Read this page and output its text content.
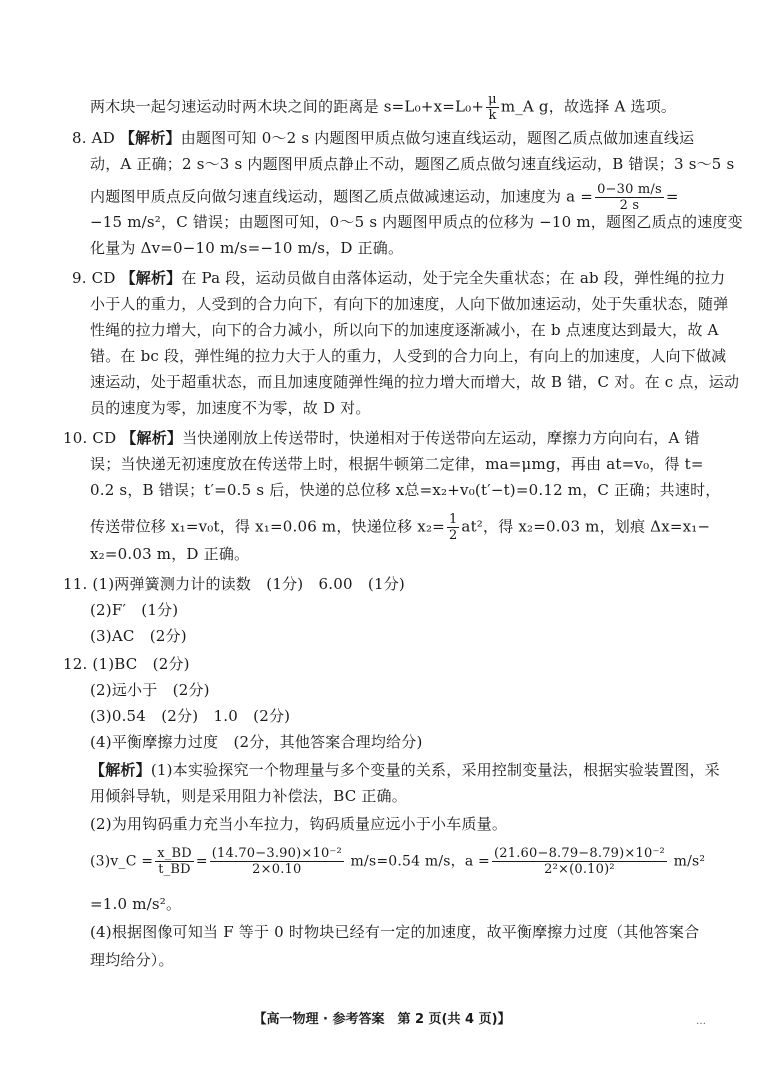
两木块一起匀速运动时两木块之间的距离是 $s=L_0+x=L_0+ \frac{\mu}{k}$ m_A g，故选择 A 选项。
8. AD 【解析】由题图可知 0～2 s 内题图甲质点做匀速直线运动，题图乙质点做加速直线运
动，A 正确；2 s～3 s 内题图甲质点静止不动，题图乙质点做匀速直线运动，B 错误；3 s～5 s
内题图甲质点反向做匀速直线运动，题图乙质点做减速运动，加速度为 $a = \frac{0-30 m/s}{2 s}$ =
−15 m/s²，C 错误；由题图可知，0～5 s 内题图甲质点的位移为 −10 m，题图乙质点的速度变
化量为 Δv=0−10 m/s=−10 m/s，D 正确。
9. CD 【解析】在 Pa 段，运动员做自由落体运动，处于完全失重状态；在 ab 段，弹性绳的拉力
小于人的重力，人受到的合力向下，有向下的加速度，人向下做加速运动，处于失重状态，随弹
性绳的拉力增大，向下的合力减小，所以向下的加速度逐渐减小，在 b 点速度达到最大，故 A
错。在 bc 段，弹性绳的拉力大于人的重力，人受到的合力向上，有向上的加速度，人向下做减
速运动，处于超重状态，而且加速度随弹性绳的拉力增大而增大，故 B 错，C 对。在 c 点，运动
员的速度为零，加速度不为零，故 D 对。
10. CD 【解析】当快递刚放上传送带时，快递相对于传送带向左运动，摩擦力方向向右，A 错
误；当快递无初速度放在传送带上时，根据牛顿第二定律，ma=μmg，再由 at=v₀，得 t=
0.2 s，B 错误；t′=0.5 s 后，快递的总位移 x总=x₂+v₀(t′−t)=0.12 m，C 正确；共速时，
传送带位移 x₁=v₀t，得 x₁=0.06 m，快递位移 $x_2= \frac{1}{2} at^2$，得 x₂=0.03 m，划痕 Δx=x₁−
x₂=0.03 m，D 正确。
11. (1)两弹簧测力计的读数　(1分)　6.00　(1分)
(2)F′　(1分)
(3)AC　(2分)
12. (1)BC　(2分)
(2)远小于　(2分)
(3)0.54　(2分)　1.0　(2分)
(4)平衡摩擦力过度　(2分，其他答案合理均给分)
【解析】(1)本实验探究一个物理量与多个变量的关系，采用控制变量法，根据实验装置图，采
用倾斜导轨，则是采用阻力补偿法，BC 正确。
(2)为用钩码重力充当小车拉力，钩码质量应远小于小车质量。
(3)v_C = $\frac{x\_BD}{t\_BD} = \frac{\text{(14.70−3.90)×10⁻²}}{2\times 0.10} m/s=0.54$ m/s，$a = \frac{\text{(21.60−8.79−8.79)×10⁻²}}{\text{2²×(0.10)²}} m/s^2$
=1.0 m/s²。
(4)根据图像可知当 F 等于 0 时物块已经有一定的加速度，故平衡摩擦力过度（其他答案合
理均给分）。
【高一物理 · 参考答案　第 2 页(共 4 页)】	…
